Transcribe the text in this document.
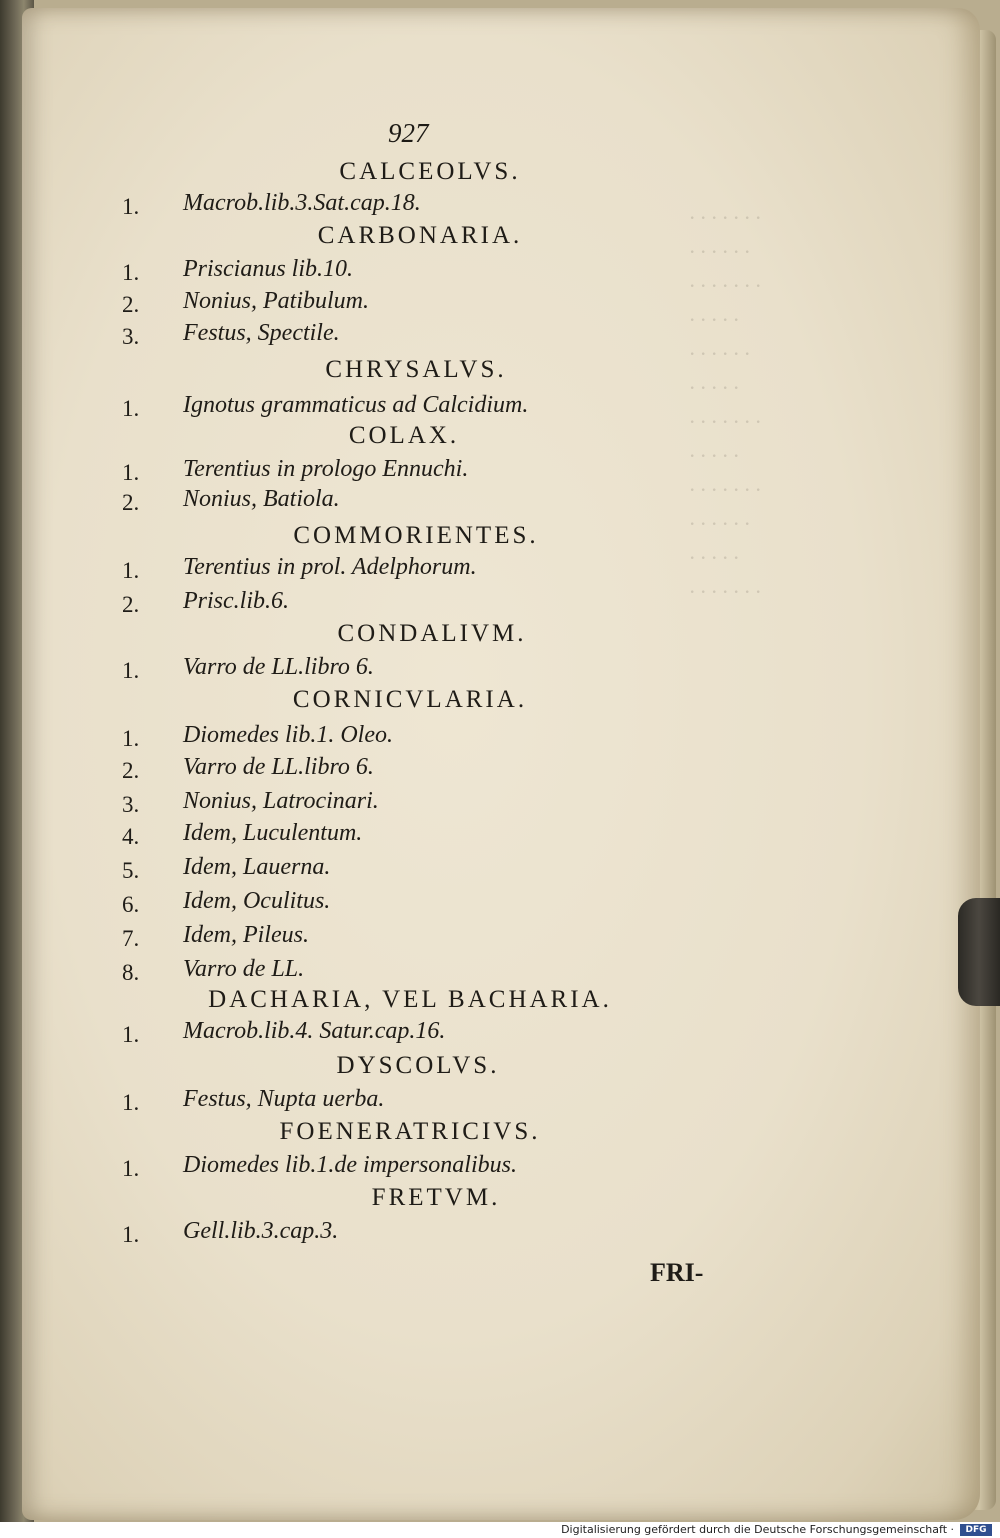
. . . . . . .
. . . . . .
. . . . . . .
. . . . .
. . . . . .
. . . . .
. . . . . . .
. . . . .
. . . . . . .
. . . . . .
. . . . .
. . . . . . .
927
CALCEOLVS.
1. Macrob.lib.3.Sat.cap.18.
CARBONARIA.
1. Priscianus lib.10.
2. Nonius, Patibulum.
3. Festus, Spectile.
CHRYSALVS.
1. Ignotus grammaticus ad Calcidium.
COLAX.
1. Terentius in prologo Ennuchi.
2. Nonius, Batiola.
COMMORIENTES.
1. Terentius in prol. Adelphorum.
2. Prisc.lib.6.
CONDALIVM.
1. Varro de LL.libro 6.
CORNICVLARIA.
1. Diomedes lib.1. Oleo.
2. Varro de LL.libro 6.
3. Nonius, Latrocinari.
4. Idem, Luculentum.
5. Idem, Lauerna.
6. Idem, Oculitus.
7. Idem, Pileus.
8. Varro de LL.
DACHARIA, VEL BACHARIA.
1. Macrob.lib.4. Satur.cap.16.
DYSCOLVS.
1. Festus, Nupta uerba.
FOENERATRICIVS.
1. Diomedes lib.1.de impersonalibus.
FRETVM.
1. Gell.lib.3.cap.3.
FRI-
Digitalisierung gefördert durch die Deutsche Forschungsgemeinschaft ·	DFG
